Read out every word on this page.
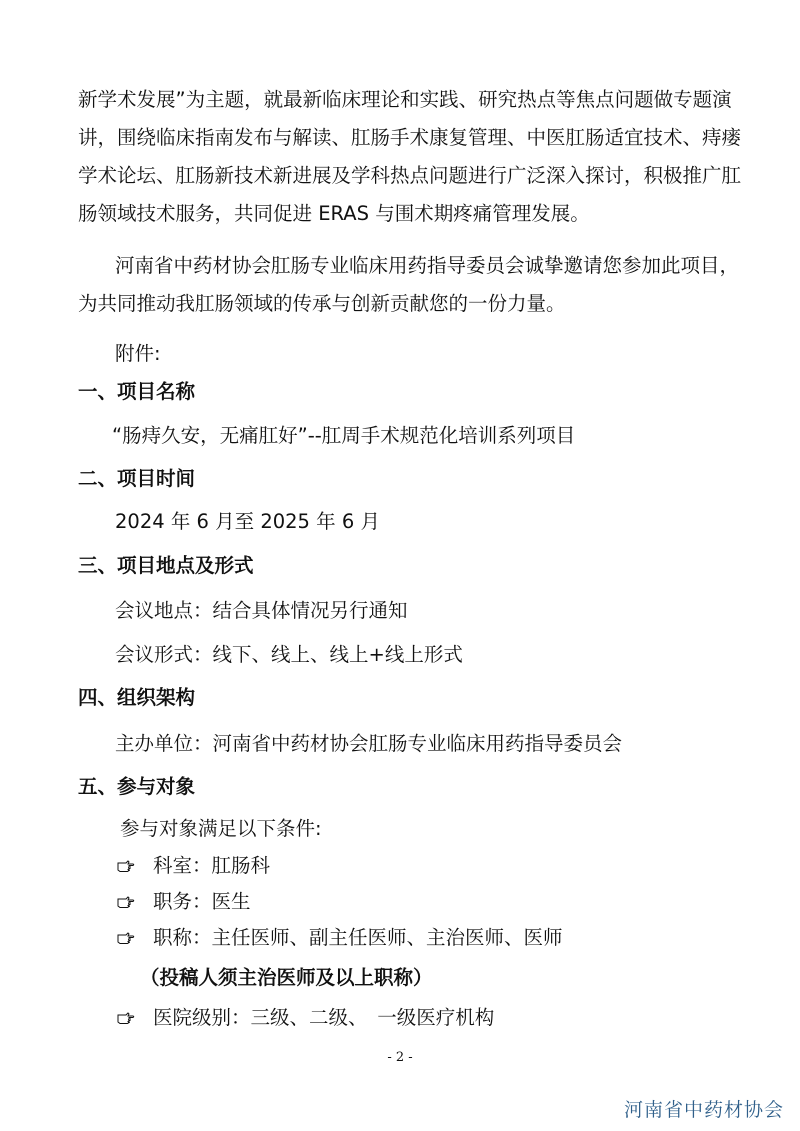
新学术发展”为主题，就最新临床理论和实践、研究热点等焦点问题做专题演
讲，围绕临床指南发布与解读、肛肠手术康复管理、中医肛肠适宜技术、痔瘘
学术论坛、肛肠新技术新进展及学科热点问题进行广泛深入探讨，积极推广肛
肠领域技术服务，共同促进 ERAS 与围术期疼痛管理发展。
河南省中药材协会肛肠专业临床用药指导委员会诚挚邀请您参加此项目，
为共同推动我肛肠领域的传承与创新贡献您的一份力量。
附件:
一、项目名称
“肠痔久安，无痛肛好”--肛周手术规范化培训系列项目
二、项目时间
2024 年 6 月至 2025 年 6 月
三、项目地点及形式
会议地点：结合具体情况另行通知
会议形式：线下、线上、线上+线上形式
四、组织架构
主办单位：河南省中药材协会肛肠专业临床用药指导委员会
五、参与对象
参与对象满足以下条件:
科室：肛肠科
职务：医生
职称：主任医师、副主任医师、主治医师、医师
（投稿人须主治医师及以上职称）
医院级别：三级、二级、　一级医疗机构
- 2 -
河南省中药材协会
